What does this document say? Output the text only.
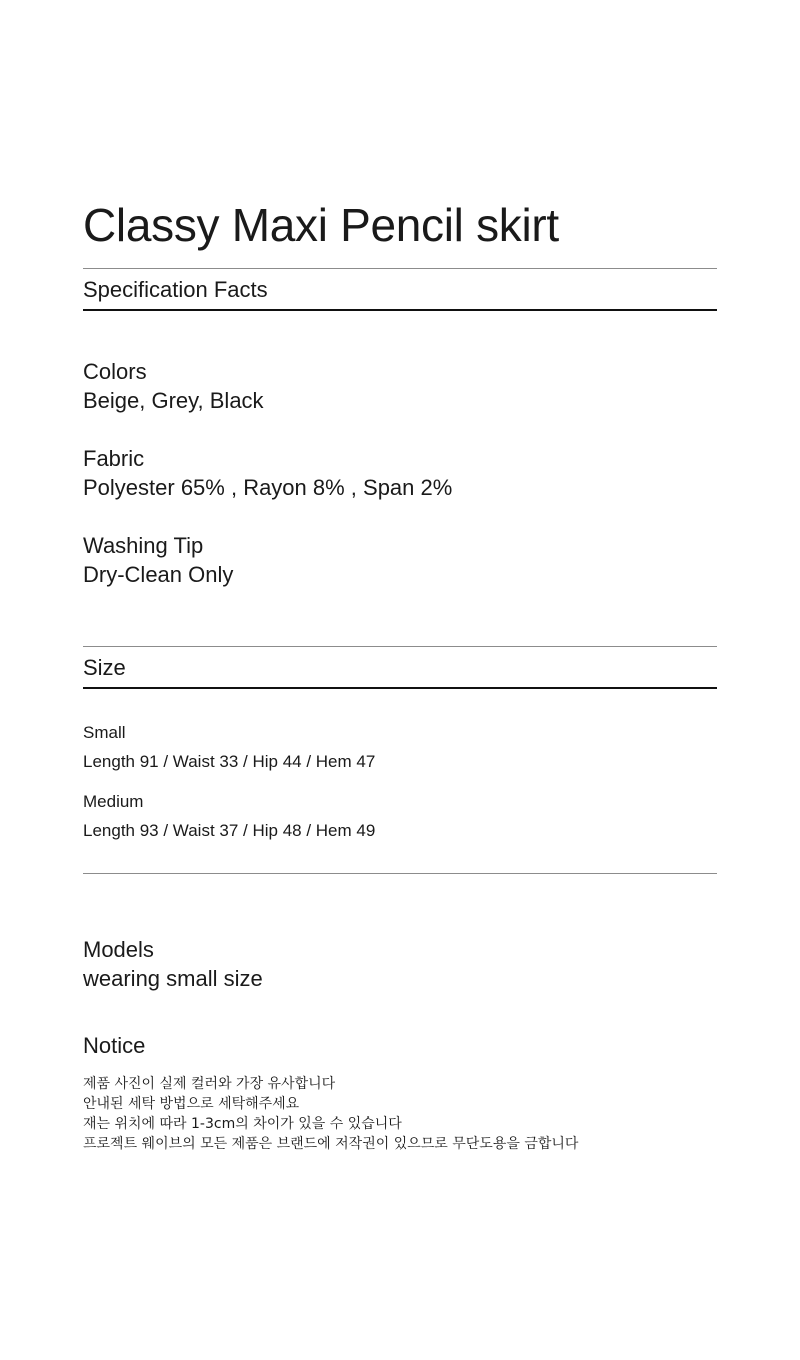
Classy Maxi Pencil skirt
Specification Facts
Colors
Beige, Grey, Black
Fabric
Polyester 65% , Rayon 8% , Span 2%
Washing Tip
Dry-Clean Only
Size
Small
Length 91 / Waist 33 / Hip 44 / Hem 47
Medium
Length 93 / Waist 37 / Hip 48 / Hem 49
Models
wearing small size
Notice
제품 사진이 실제 컬러와 가장 유사합니다
안내된 세탁 방법으로 세탁해주세요
재는 위치에 따라 1-3cm의 차이가 있을 수 있습니다
프로젝트 웨이브의 모든 제품은 브랜드에 저작권이 있으므로 무단도용을 금합니다
